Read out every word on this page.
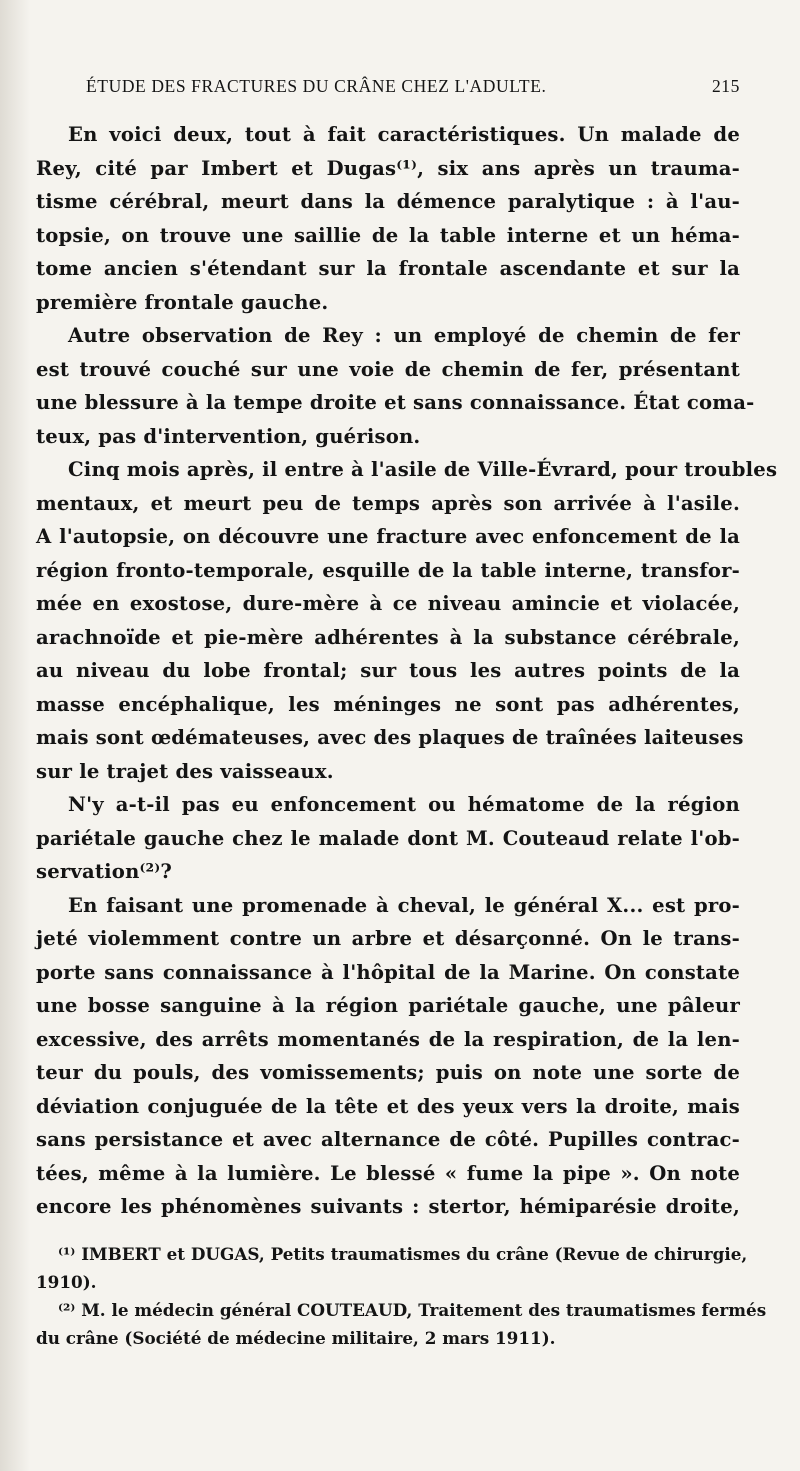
ÉTUDE DES FRACTURES DU CRÂNE CHEZ L'ADULTE.	215
En voici deux, tout à fait caractéristiques. Un malade de
Rey, cité par Imbert et Dugas⁽¹⁾, six ans après un trauma-
tisme cérébral, meurt dans la démence paralytique : à l'au-
topsie, on trouve une saillie de la table interne et un héma-
tome ancien s'étendant sur la frontale ascendante et sur la
première frontale gauche.
Autre observation de Rey : un employé de chemin de fer
est trouvé couché sur une voie de chemin de fer, présentant
une blessure à la tempe droite et sans connaissance. État coma-
teux, pas d'intervention, guérison.
Cinq mois après, il entre à l'asile de Ville-Évrard, pour troubles
mentaux, et meurt peu de temps après son arrivée à l'asile.
A l'autopsie, on découvre une fracture avec enfoncement de la
région fronto-temporale, esquille de la table interne, transfor-
mée en exostose, dure-mère à ce niveau amincie et violacée,
arachnoïde et pie-mère adhérentes à la substance cérébrale,
au niveau du lobe frontal; sur tous les autres points de la
masse encéphalique, les méninges ne sont pas adhérentes,
mais sont œdémateuses, avec des plaques de traînées laiteuses
sur le trajet des vaisseaux.
N'y a-t-il pas eu enfoncement ou hématome de la région
pariétale gauche chez le malade dont M. Couteaud relate l'ob-
servation⁽²⁾?
En faisant une promenade à cheval, le général X... est pro-
jeté violemment contre un arbre et désarçonné. On le trans-
porte sans connaissance à l'hôpital de la Marine. On constate
une bosse sanguine à la région pariétale gauche, une pâleur
excessive, des arrêts momentanés de la respiration, de la len-
teur du pouls, des vomissements; puis on note une sorte de
déviation conjuguée de la tête et des yeux vers la droite, mais
sans persistance et avec alternance de côté. Pupilles contrac-
tées, même à la lumière. Le blessé « fume la pipe ». On note
encore les phénomènes suivants : stertor, hémiparésie droite,
⁽¹⁾ IMBERT et DUGAS, Petits traumatismes du crâne (Revue de chirurgie,
1910).
⁽²⁾ M. le médecin général COUTEAUD, Traitement des traumatismes fermés
du crâne (Société de médecine militaire, 2 mars 1911).
